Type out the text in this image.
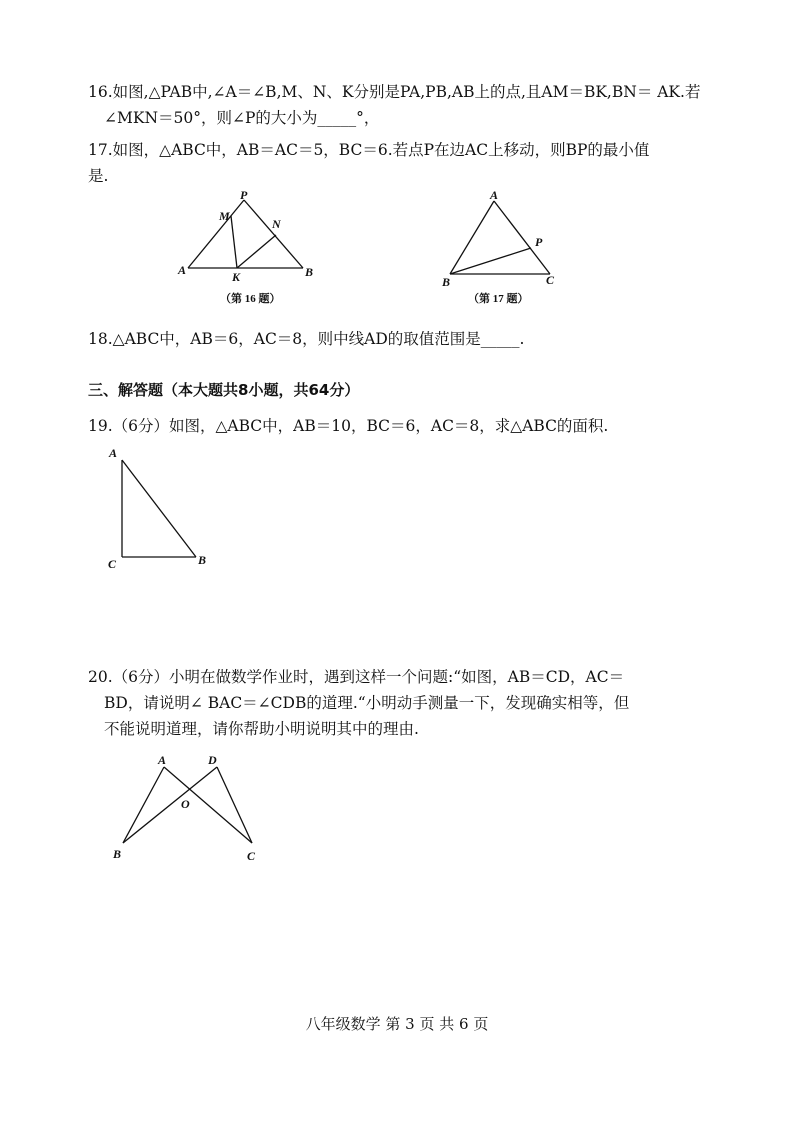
16.如图,△PAB中,∠A＝∠B,M、N、K分别是PA,PB,AB上的点,且AM＝BK,BN＝ AK.若
∠MKN＝50°，则∠P的大小为_____°，
17.如图，△ABC中，AB＝AC＝5，BC＝6.若点P在边AC上移动，则BP的最小值
是.
P
M
N
A	K	B
（第 16 题）
A
P
B	C
（第 17 题）
18.△ABC中，AB＝6，AC＝8，则中线AD的取值范围是_____.
三、解答题（本大题共8小题，共64分）
19.（6分）如图，△ABC中，AB＝10，BC＝6，AC＝8，求△ABC的面积.
A
C	B
20.（6分）小明在做数学作业时，遇到这样一个问题:“如图，AB＝CD，AC＝
BD，请说明∠ BAC＝∠CDB的道理.“小明动手测量一下，发现确实相等，但
不能说明道理，请你帮助小明说明其中的理由.
A	D
O
B	C
八年级数学 第 3 页 共 6 页
